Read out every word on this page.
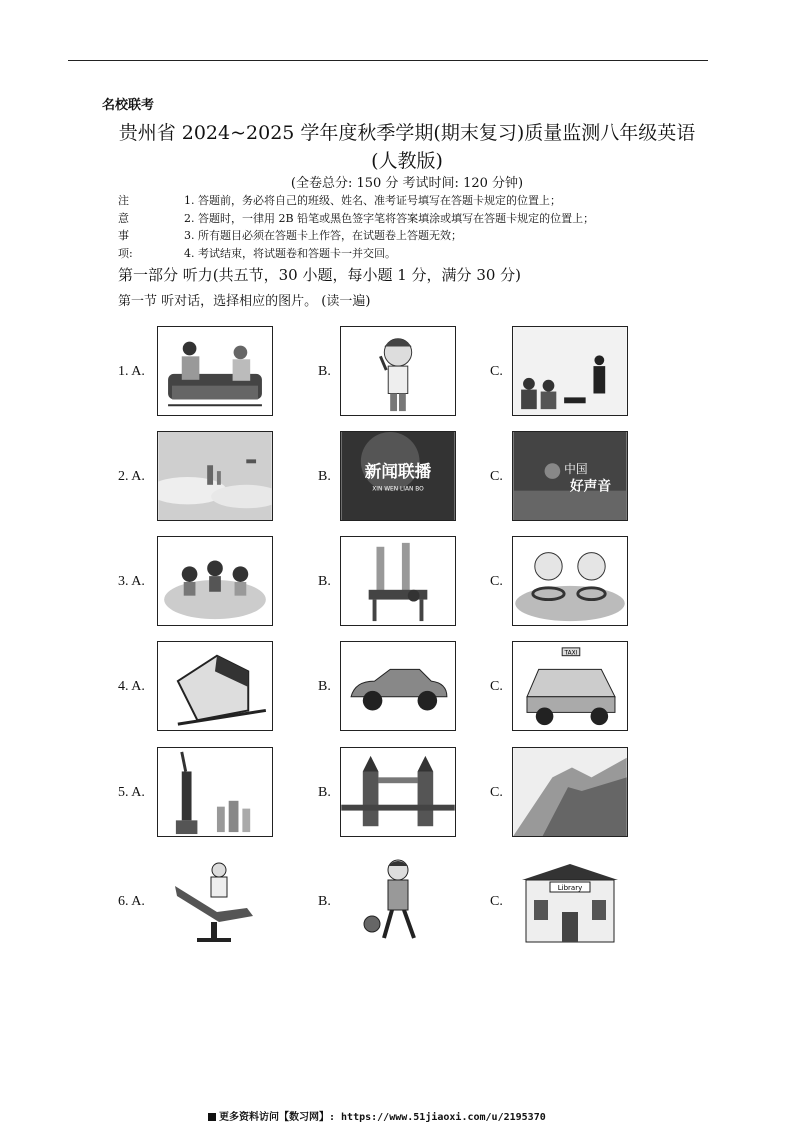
名校联考
贵州省 2024~2025 学年度秋季学期(期末复习)质量监测八年级英语
(人教版)
(全卷总分: 150 分 考试时间: 120 分钟)
注意事项:
1. 答题前，务必将自己的班级、姓名、准考证号填写在答题卡规定的位置上；
2. 答题时，一律用 2B 铅笔或黑色签字笔将答案填涂或填写在答题卡规定的位置上；
3. 所有题目必须在答题卡上作答，在试题卷上答题无效；
4. 考试结束，将试题卷和答题卡一并交回。
第一部分 听力(共五节，30 小题，每小题 1 分，满分 30 分)
第一节 听对话，选择相应的图片。 (读一遍)
1. A.	B.	C.
2. A.	B. 新闻联播
XIN WEN LIAN BO
C.	中国
好声音
3. A.	B.	C.
4. A.	B.	C.
TAXI
5. A.	B.	C.
6. A.	B.	C.
Library
更多资料访问【数习网】: https://www.51jiaoxi.com/u/2195370
